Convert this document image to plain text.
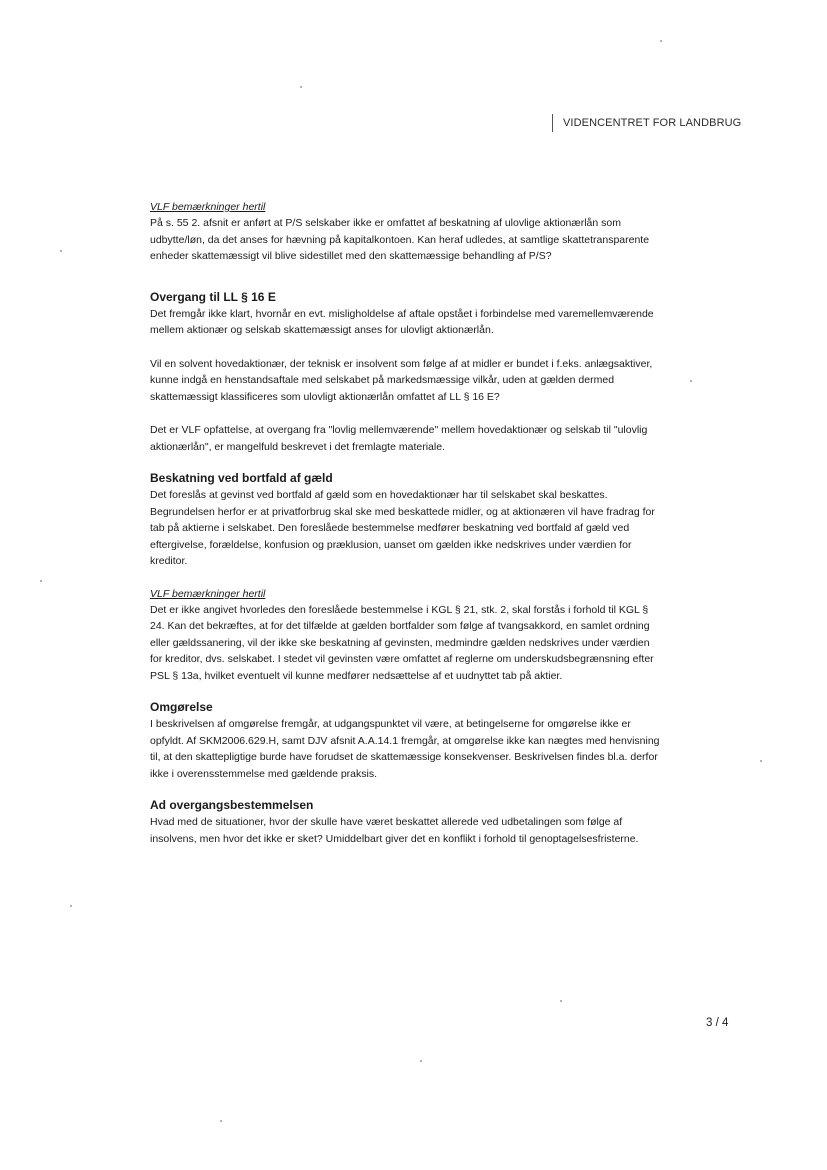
VIDENCENTRET FOR LANDBRUG

VLF bemærkninger hertil

På s. 55 2. afsnit er anført at P/S selskaber ikke er omfattet af beskatning af ulovlige aktionærlån som udbytte/løn, da det anses for hævning på kapitalkontoen. Kan heraf udledes, at samtlige skattetransparente enheder skattemæssigt vil blive sidestillet med den skattemæssige behandling af P/S?

Overgang til LL § 16 E

Det fremgår ikke klart, hvornår en evt. misligholdelse af aftale opstået i forbindelse med varemellemværende mellem aktionær og selskab skattemæssigt anses for ulovligt aktionærlån.

Vil en solvent hovedaktionær, der teknisk er insolvent som følge af at midler er bundet i f.eks. anlægsaktiver, kunne indgå en henstandsaftale med selskabet på markedsmæssige vilkår, uden at gælden dermed skattemæssigt klassificeres som ulovligt aktionærlån omfattet af LL § 16 E?

Det er VLF opfattelse, at overgang fra "lovlig mellemværende" mellem hovedaktionær og selskab til "ulovlig aktionærlån", er mangelfuld beskrevet i det fremlagte materiale.

Beskatning ved bortfald af gæld

Det foreslås at gevinst ved bortfald af gæld som en hovedaktionær har til selskabet skal beskattes. Begrundelsen herfor er at privatforbrug skal ske med beskattede midler, og at aktionæren vil have fradrag for tab på aktierne i selskabet. Den foreslåede bestemmelse medfører beskatning ved bortfald af gæld ved eftergivelse, forældelse, konfusion og præklusion, uanset om gælden ikke nedskrives under værdien for kreditor.

VLF bemærkninger hertil

Det er ikke angivet hvorledes den foreslåede bestemmelse i KGL § 21, stk. 2, skal forstås i forhold til KGL § 24. Kan det bekræftes, at for det tilfælde at gælden bortfalder som følge af tvangsakkord, en samlet ordning eller gældssanering, vil der ikke ske beskatning af gevinsten, medmindre gælden nedskrives under værdien for kreditor, dvs. selskabet. I stedet vil gevinsten være omfattet af reglerne om underskudsbegrænsning efter PSL § 13a, hvilket eventuelt vil kunne medfører nedsættelse af et uudnyttet tab på aktier.

Omgørelse

I beskrivelsen af omgørelse fremgår, at udgangspunktet vil være, at betingelserne for omgørelse ikke er opfyldt. Af SKM2006.629.H, samt DJV afsnit A.A.14.1 fremgår, at omgørelse ikke kan nægtes med henvisning til, at den skattepligtige burde have forudset de skattemæssige konsekvenser. Beskrivelsen findes bl.a. derfor ikke i overensstemmelse med gældende praksis.

Ad overgangsbestemmelsen

Hvad med de situationer, hvor der skulle have været beskattet allerede ved udbetalingen som følge af insolvens, men hvor det ikke er sket? Umiddelbart giver det en konflikt i forhold til genoptagelsesfristerne.

3 / 4
